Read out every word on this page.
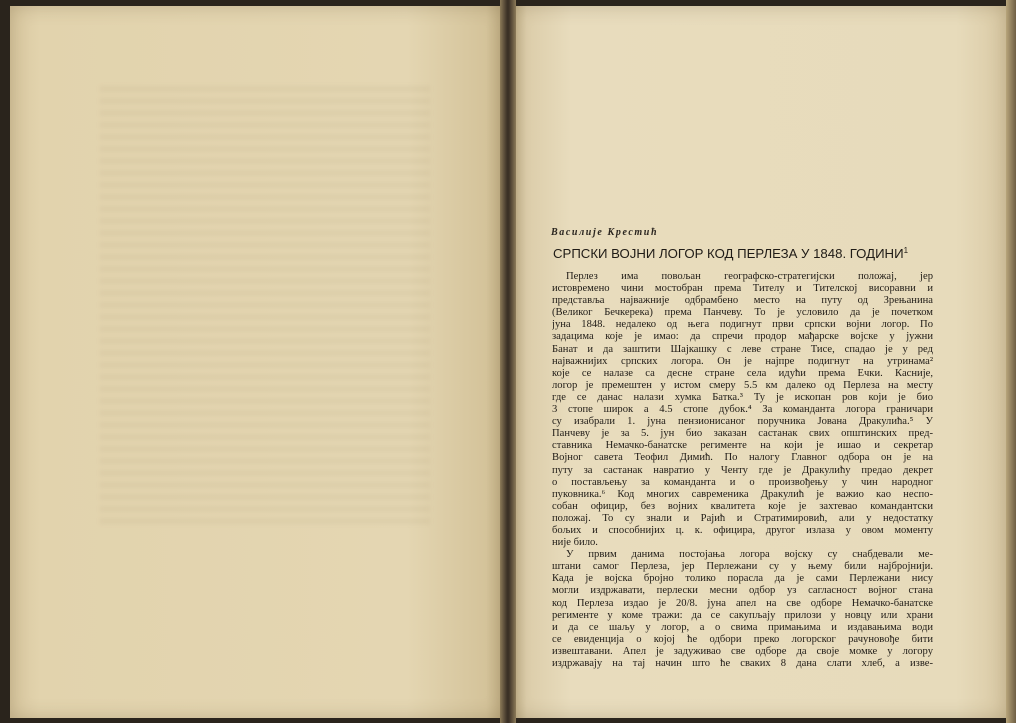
Василије Крестић
СРПСКИ ВОЈНИ ЛОГОР КОД ПЕРЛЕЗА У 1848. ГОДИНИ$^1$
Перлез има повољан географско-стратегијски положај, јер
истовремено чини мостобран према Тителу и Тителској висоравни и
представља најважније одбрамбено место на путу од Зрењанина
(Великог Бечкерека) према Панчеву. То је условило да је почетком
јуна 1848. недалеко од њега подигнут први српски војни логор. По
задацима које је имао: да спречи продор мађарске војске у јужни
Банат и да заштити Шајкашку с леве стране Тисе, спадао је у ред
најважнијих српских логора. Он је најпре подигнут на утринама²
које се налазе са десне стране села идући према Ечки. Касније,
логор је премештен у истом смеру 5.5 км далеко од Перлеза на месту
где се данас налази хумка Батка.³ Ту је ископан ров који је био
3 стопе широк а 4.5 стопе дубок.⁴ За команданта логора граничари
су изабрали 1. јуна пензионисаног поручника Јована Дракулића.⁵ У
Панчеву је за 5. јун био заказан састанак свих општинских пред-
ставника Немачко-банатске регименте на који је ишао и секретар
Војног савета Теофил Димић. По налогу Главног одбора он је на
путу за састанак навратио у Ченту где је Дракулићу предао декрет
о постављењу за команданта и о произвођењу у чин народног
пуковника.⁶ Код многих савременика Дракулић је важио као неспо-
собан официр, без војних квалитета које је захтевао командантски
положај. То су знали и Рајић и Стратимировић, али у недостатку
бољих и способнијих ц. к. официра, другог излаза у овом моменту
није било.
У првим данима постојања логора војску су снабдевали ме-
штани самог Перлеза, јер Перлежани су у њему били најбројнији.
Када је војска бројно толико порасла да је сами Перлежани нису
могли издржавати, перлески месни одбор уз сагласност војног стана
код Перлеза издао је 20/8. јуна апел на све одборе Немачко-банатске
регименте у коме тражи: да се сакупљају прилози у новцу или храни
и да се шаљу у логор, а о свима примањима и издавањима води
се евиденција о којој ће одбори преко логорског рачуновође бити
извештавани. Апел је задуживао све одборе да своје момке у логору
издржавају на тај начин што ће сваких 8 дана слати хлеб, а изве-
